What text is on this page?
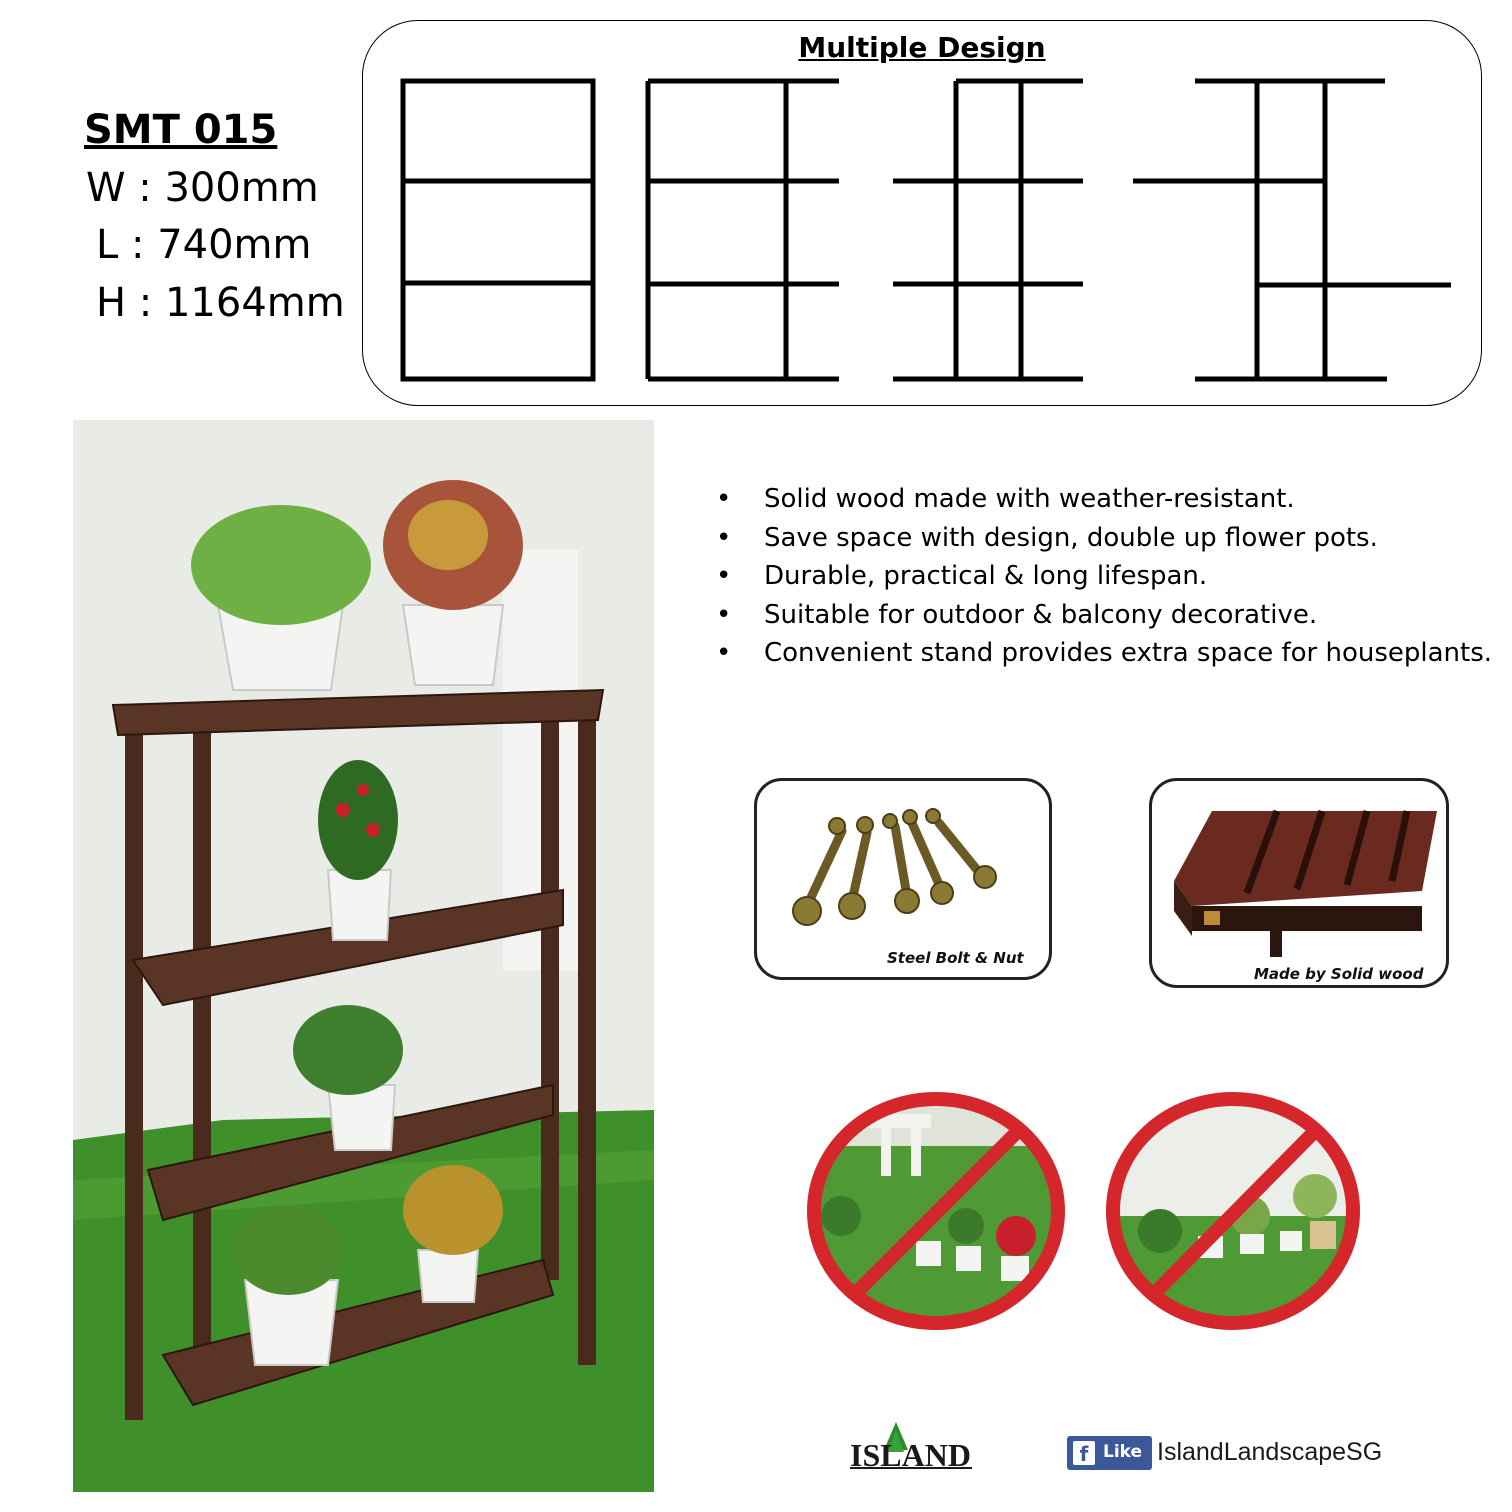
SMT 015
W : 300mm
L : 740mm
H : 1164mm
Multiple Design
• Solid wood made with weather-resistant.
• Save space with design, double up flower pots.
• Durable, practical & long lifespan.
• Suitable for outdoor & balcony decorative.
• Convenient stand provides extra space for houseplants.
Steel Bolt & Nut
Made by Solid wood
ISLAND	f Like IslandLandscapeSG
